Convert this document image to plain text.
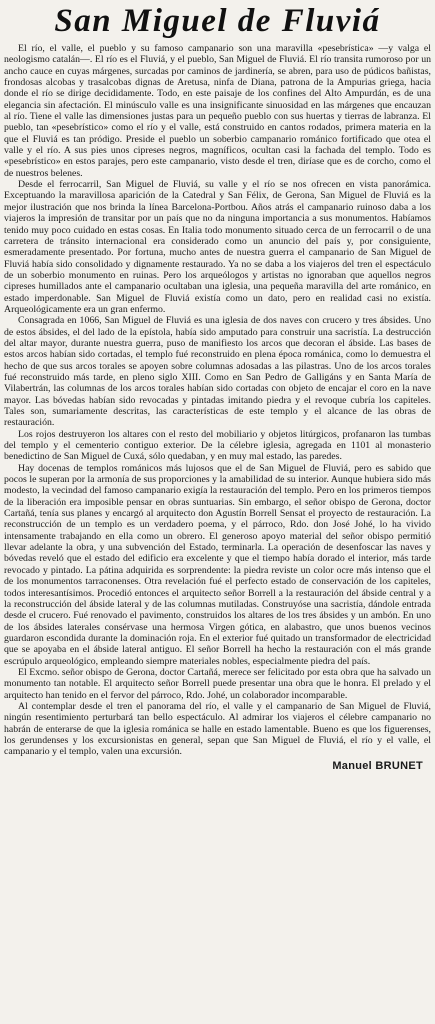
San Miguel de Fluviá

El río, el valle, el pueblo y su famoso campanario son una maravilla «pesebrística» —y valga el neologismo catalán—. El río es el Fluviá, y el pueblo, San Miguel de Fluviá. El río transita rumoroso por un ancho cauce en cuyas márgenes, surcadas por caminos de jardinería, se abren, para uso de púdicos bañistas, frondosas alcobas y trasalcobas dignas de Aretusa, ninfa de Diana, patrona de la Ampurias griega, hacia donde el río se dirige decididamente. Todo, en este paisaje de los confines del Alto Ampurdán, es de una elegancia sin afectación. El minúsculo valle es una insignificante sinuosidad en las márgenes que encauzan al río. Tiene el valle las dimensiones justas para un pequeño pueblo con sus huertas y tierras de labranza. El pueblo, tan «pesebrístico» como el río y el valle, está construido en cantos rodados, primera materia en la que el Fluviá es tan pródigo. Preside el pueblo un soberbio campanario románico fortificado que otea el valle y el río. A sus pies unos cipreses negros, magníficos, ocultan casi la fachada del templo. Todo es «pesebrístico» en estos parajes, pero este campanario, visto desde el tren, diríase que es de corcho, como el de nuestros belenes.

Desde el ferrocarril, San Miguel de Fluviá, su valle y el río se nos ofrecen en vista panorámica. Exceptuando la maravillosa aparición de la Catedral y San Félix, de Gerona, San Miguel de Fluviá es la mejor ilustración que nos brinda la línea Barcelona-Portbou. Años atrás el campanario ruinoso daba a los viajeros la impresión de transitar por un país que no da ninguna importancia a sus monumentos. Habíamos tenido muy poco cuidado en estas cosas. En Italia todo monumento situado cerca de un ferrocarril o de una carretera de tránsito internacional era considerado como un anuncio del país y, por consiguiente, esmeradamente presentado. Por fortuna, mucho antes de nuestra guerra el campanario de San Miguel de Fluviá había sido consolidado y dignamente restaurado. Ya no se daba a los viajeros del tren el espectáculo de un soberbio monumento en ruinas. Pero los arqueólogos y artistas no ignoraban que aquellos negros cipreses humillados ante el campanario ocultaban una iglesia, una pequeña maravilla del arte románico, en estado imperdonable. San Miguel de Fluviá existía como un dato, pero en realidad casi no existía. Arqueológicamente era un gran enfermo.

Consagrada en 1066, San Miguel de Fluviá es una iglesia de dos naves con crucero y tres ábsides. Uno de estos ábsides, el del lado de la epístola, había sido amputado para construir una sacristía. La destrucción del altar mayor, durante nuestra guerra, puso de manifiesto los arcos que decoran el ábside. Las bases de estos arcos habían sido cortadas, el templo fué reconstruido en plena época románica, como lo demuestra el hecho de que sus arcos torales se apoyen sobre columnas adosadas a las pilastras. Uno de los arcos torales fué reconstruido más tarde, en pleno siglo XIII. Como en San Pedro de Galligáns y en Santa María de Vilabertrán, las columnas de los arcos torales habían sido cortadas con objeto de encajar el coro en la nave mayor. Las bóvedas habían sido revocadas y pintadas imitando piedra y el revoque cubría los capiteles. Tales son, sumariamente descritas, las características de este templo y el alcance de las obras de restauración.

Los rojos destruyeron los altares con el resto del mobiliario y objetos litúrgicos, profanaron las tumbas del templo y el cementerio contiguo exterior. De la célebre iglesia, agregada en 1101 al monasterio benedictino de San Miguel de Cuxá, sólo quedaban, y en muy mal estado, las paredes.

Hay docenas de templos románicos más lujosos que el de San Miguel de Fluviá, pero es sabido que pocos le superan por la armonía de sus proporciones y la amabilidad de su interior. Aunque hubiera sido más modesto, la vecindad del famoso campanario exigía la restauración del templo. Pero en los primeros tiempos de la liberación era imposible pensar en obras suntuarias. Sin embargo, el señor obispo de Gerona, doctor Cartañá, tenía sus planes y encargó al arquitecto don Agustín Borrell Sensat el proyecto de restauración. La reconstrucción de un templo es un verdadero poema, y el párroco, Rdo. don José Johé, lo ha vivido intensamente trabajando en ella como un obrero. El generoso apoyo material del señor obispo permitió llevar adelante la obra, y una subvención del Estado, terminarla. La operación de desenfoscar las naves y bóvedas reveló que el estado del edificio era excelente y que el tiempo había dorado el interior, más tarde revocado y pintado. La pátina adquirida es sorprendente: la piedra reviste un color ocre más intenso que el de los monumentos tarraconenses. Otra revelación fué el perfecto estado de conservación de los capiteles, todos interesantísimos. Procedió entonces el arquitecto señor Borrell a la restauración del ábside central y a la reconstrucción del ábside lateral y de las columnas mutiladas. Construyóse una sacristía, dándole entrada desde el crucero. Fué renovado el pavimento, construidos los altares de los tres ábsides y un ambón. En uno de los ábsides laterales consérvase una hermosa Virgen gótica, en alabastro, que unos buenos vecinos guardaron escondida durante la dominación roja. En el exterior fué quitado un transformador de electricidad que se apoyaba en el ábside lateral antiguo. El señor Borrell ha hecho la restauración con el más grande escrúpulo arqueológico, empleando siempre materiales nobles, especialmente piedra del país.

El Excmo. señor obispo de Gerona, doctor Cartañá, merece ser felicitado por esta obra que ha salvado un monumento tan notable. El arquitecto señor Borrell puede presentar una obra que le honra. El prelado y el arquitecto han tenido en el fervor del párroco, Rdo. Johé, un colaborador incomparable.

Al contemplar desde el tren el panorama del río, el valle y el campanario de San Miguel de Fluviá, ningún resentimiento perturbará tan bello espectáculo. Al admirar los viajeros el célebre campanario no habrán de enterarse de que la iglesia románica se halle en estado lamentable. Bueno es que los figuerenses, los gerundenses y los excursionistas en general, sepan que San Miguel de Fluviá, el río y el valle, el campanario y el templo, valen una excursión.

Manuel BRUNET
